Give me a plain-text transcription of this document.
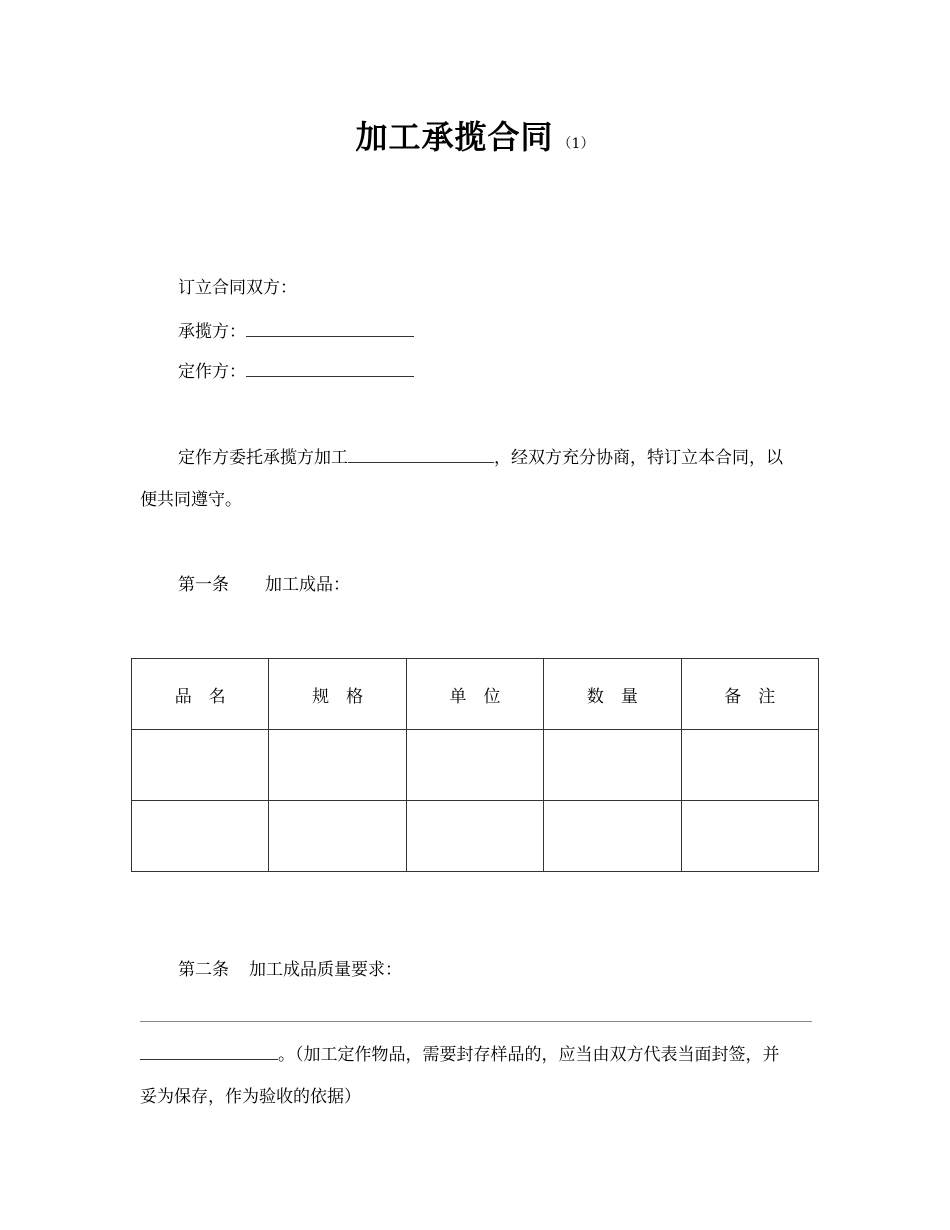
加工承揽合同 （1）
订立合同双方：
承揽方：
定作方：
定作方委托承揽方加工	，经双方充分协商，特订立本合同，以
便共同遵守。
第一条 加工成品：
品　名	规　格	单　位	数　量	备　注

第二条 加工成品质量要求：
。（加工定作物品，需要封存样品的，应当由双方代表当面封签，并
妥为保存，作为验收的依据）
